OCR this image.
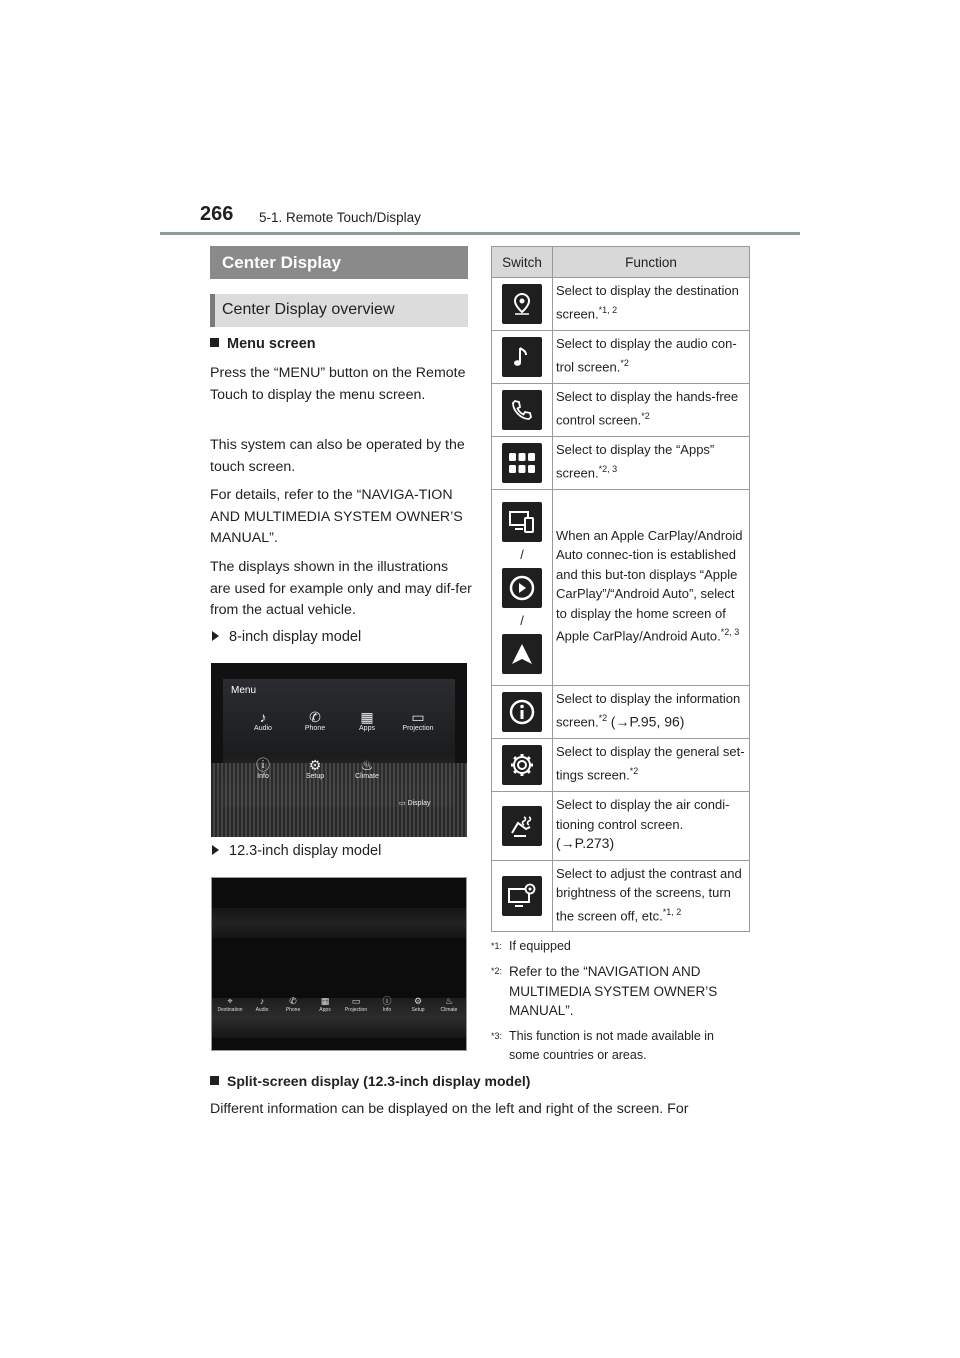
266 5-1. Remote Touch/Display
Center Display
Center Display overview
Menu screen
Press the “MENU” button on the Remote Touch to display the menu screen.
This system can also be operated by the touch screen.
For details, refer to the “NAVIGA-TION AND MULTIMEDIA SYSTEM OWNER’S MANUAL”.
The displays shown in the illustrations are used for example only and may dif-fer from the actual vehicle.
8-inch display model
Menu
♪
Audio
✆
Phone
▦
Apps
▭
Projection
ⓘ
Info
⚙
Setup
♨
Climate
▭ Display
12.3-inch display model
⌖
Destination
♪
Audio
✆
Phone
▦
Apps
▭
Projection
ⓘ
Info
⚙
Setup
♨
Climate
Switch	Function

	Select to display the destination screen.$^{*1, 2}$

	Select to display the audio con-trol screen.$^{*2}$

	Select to display the hands-free control screen.$^{*2}$

	Select to display the “Apps” screen.$^{*2, 3}$

/
/	When an Apple CarPlay/Android Auto connec-tion is established and this but-ton displays “Apple CarPlay”/“Android Auto”, select to display the home screen of Apple CarPlay/Android Auto.$^{*2, 3}$

	Select to display the information screen.$^{*2}$ (→P.95, 96)

	Select to display the general set-tings screen.$^{*2}$

	Select to display the air condi-tioning control screen.
(→P.273)

	Select to adjust the contrast and brightness of the screens, turn the screen off, etc.$^{*1, 2}$
*1: If equipped
*2: Refer to the “NAVIGATION AND MULTIMEDIA SYSTEM OWNER’S MANUAL”.
*3: This function is not made available in some countries or areas.
Split-screen display (12.3-inch display model)
Different information can be displayed on the left and right of the screen. For
